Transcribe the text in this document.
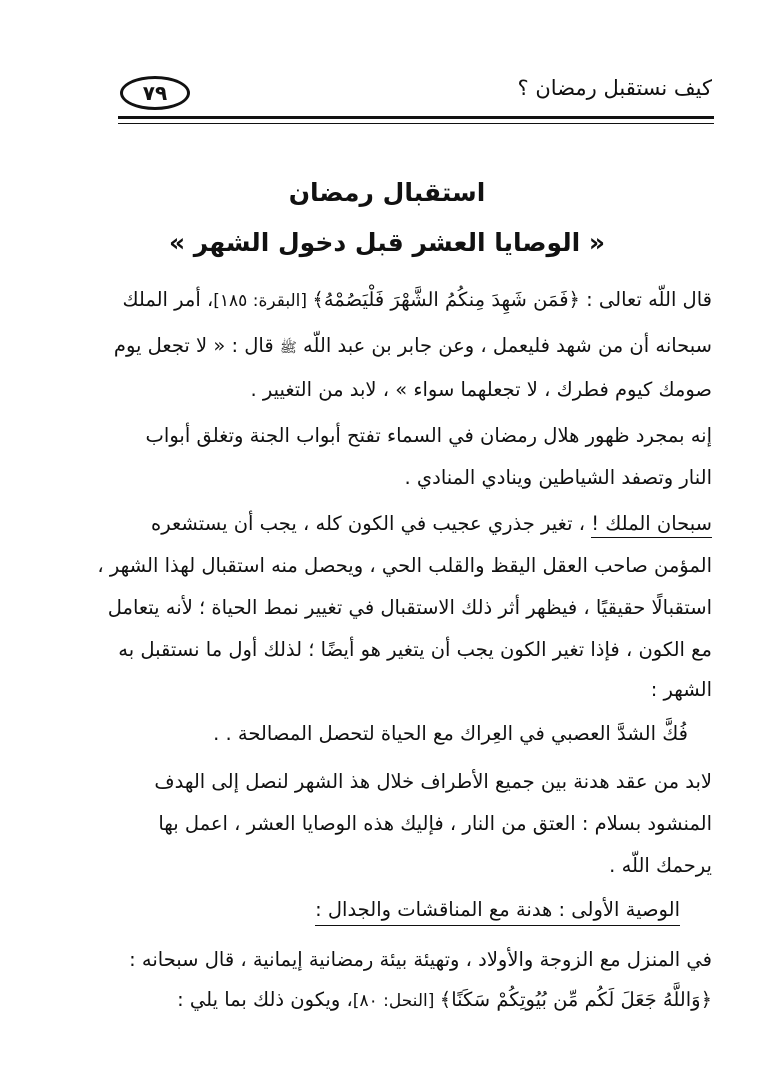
كيف نستقبل رمضان ؟
٧٩
استقبال رمضان
« الوصايا العشر قبل دخول الشهر »
قال اللّه تعالى : ﴿فَمَن شَهِدَ مِنكُمُ الشَّهْرَ فَلْيَصُمْهُ﴾ [البقرة: ١٨٥]، أمر الملك
سبحانه أن من شهد فليعمل ، وعن جابر بن عبد اللّه ﷺ قال : « لا تجعل يوم
صومك كيوم فطرك ، لا تجعلهما سواء » ، لابد من التغيير .
إنه بمجرد ظهور هلال رمضان في السماء تفتح أبواب الجنة وتغلق أبواب
النار وتصفد الشياطين وينادي المنادي .
سبحان الملك !
، تغير جذري عجيب في الكون كله ، يجب أن يستشعره
المؤمن صاحب العقل اليقظ والقلب الحي ، ويحصل منه استقبال لهذا الشهر ،
استقبالًا حقيقيًا ، فيظهر أثر ذلك الاستقبال في تغيير نمط الحياة ؛ لأنه يتعامل
مع الكون ، فإذا تغير الكون يجب أن يتغير هو أيضًا ؛ لذلك أول ما نستقبل به
الشهر :
فُكَّ الشدَّ العصبي في العِراك مع الحياة لتحصل المصالحة . .
لابد من عقد هدنة بين جميع الأطراف خلال هذ الشهر لنصل إلى الهدف
المنشود بسلام : العتق من النار ، فإليك هذه الوصايا العشر ، اعمل بها
يرحمك اللّه .
الوصية الأولى : هدنة مع المناقشات والجدال :
في المنزل مع الزوجة والأولاد ، وتهيئة بيئة رمضانية إيمانية ، قال سبحانه :
﴿وَاللَّهُ جَعَلَ لَكُم مِّن بُيُوتِكُمْ سَكَنًا﴾ [النحل: ٨٠]، ويكون ذلك بما يلي :
